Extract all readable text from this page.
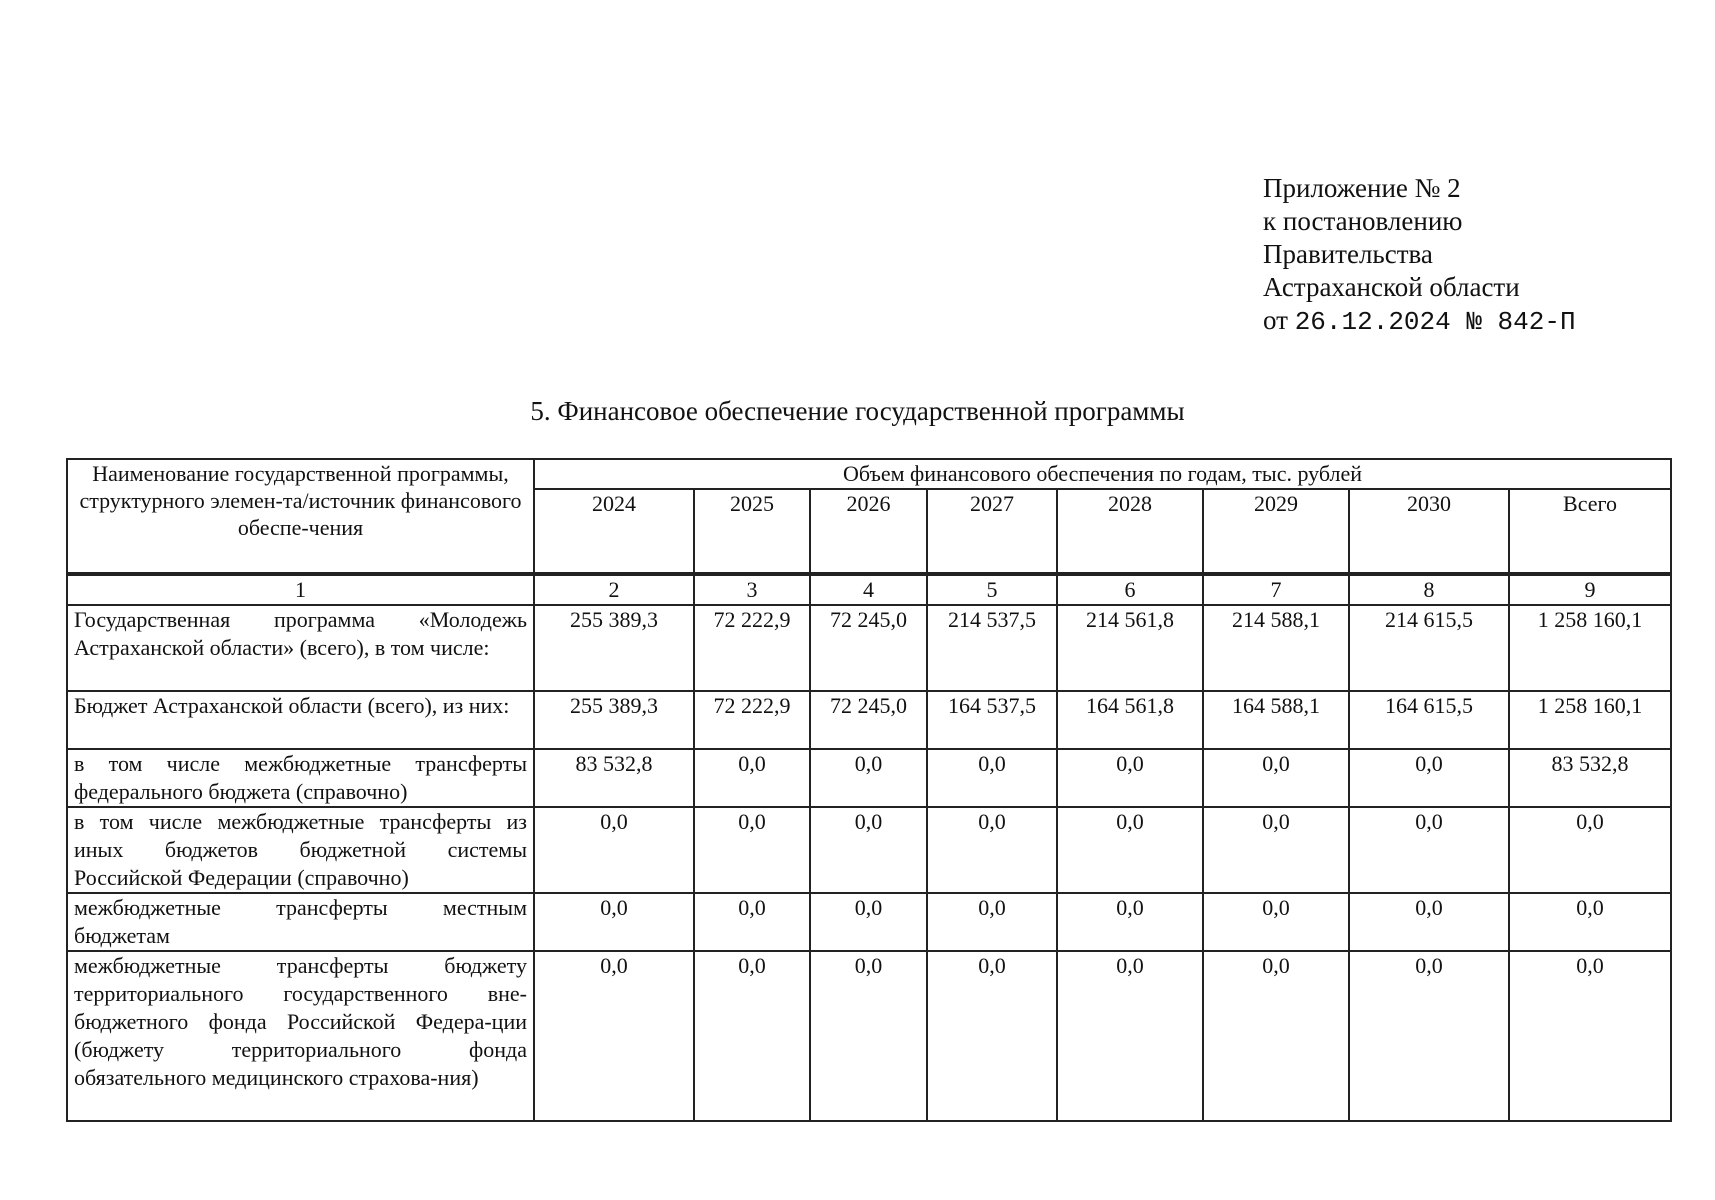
Приложение № 2
к постановлению
Правительства
Астраханской области
от 26.12.2024 № 842-П
5. Финансовое обеспечение государственной программы
Наименование государственной программы, структурного элемен-та/источник финансового обеспе-чения	Объем финансового обеспечения по годам, тыс. рублей							
	2024	2025	2026	2027	2028	2029	2030	Всего
1	2	3	4	5	6	7	8	9
Государственная программа «Молодежь Астраханской области» (всего), в том числе:	255 389,3	72 222,9	72 245,0	214 537,5	214 561,8	214 588,1	214 615,5	1 258 160,1
Бюджет Астраханской области (всего), из них:	255 389,3	72 222,9	72 245,0	164 537,5	164 561,8	164 588,1	164 615,5	1 258 160,1
в том числе межбюджетные трансферты федерального бюджета (справочно)	83 532,8	0,0	0,0	0,0	0,0	0,0	0,0	83 532,8
в том числе межбюджетные трансферты из иных бюджетов бюджетной системы Российской Федерации (справочно)	0,0	0,0	0,0	0,0	0,0	0,0	0,0	0,0
межбюджетные трансферты местным бюджетам	0,0	0,0	0,0	0,0	0,0	0,0	0,0	0,0
межбюджетные трансферты бюджету территориального государственного вне-бюджетного фонда Российской Федера-ции (бюджету территориального фонда обязательного медицинского страхова-ния)	0,0	0,0	0,0	0,0	0,0	0,0	0,0	0,0
